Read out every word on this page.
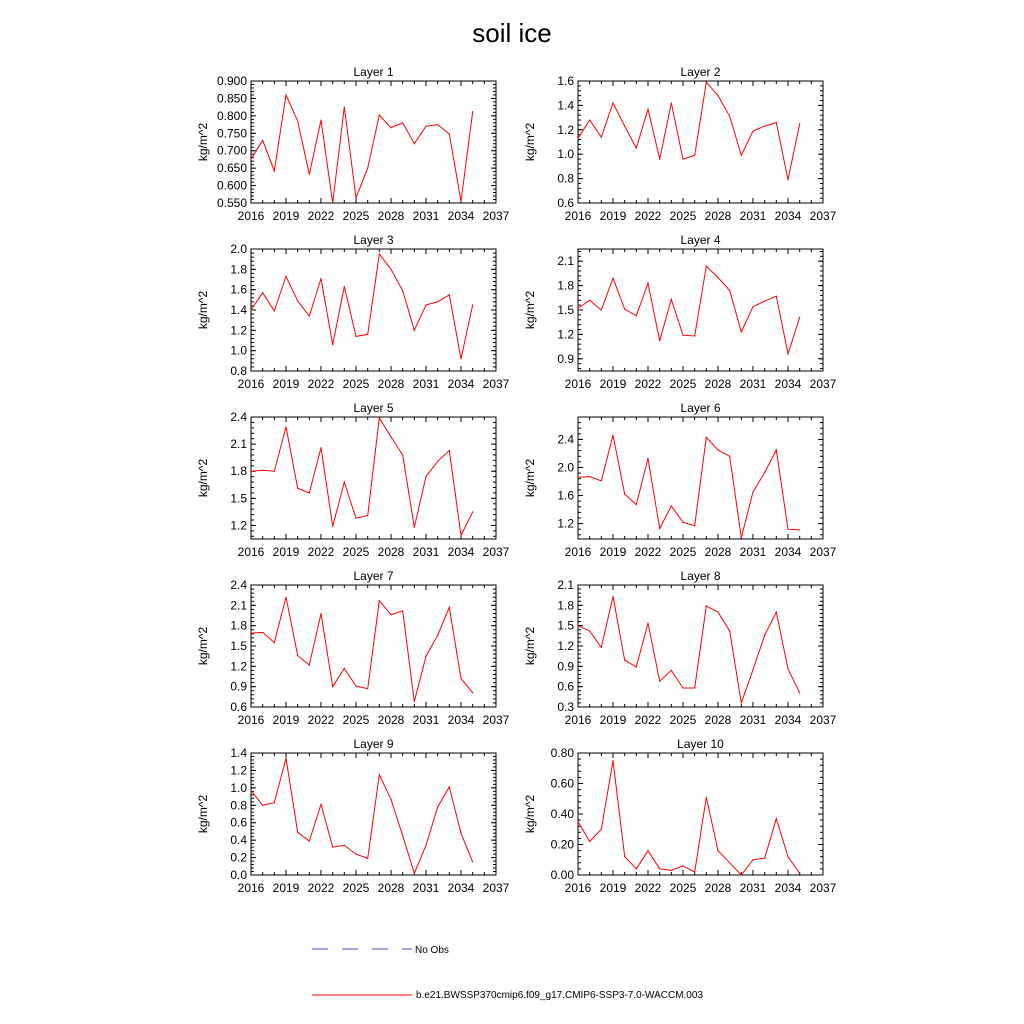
soil ice
Layer 1
kg/m^2
2016 2019 2022 2025 2028 2031 2034 2037
0.550
0.600
0.650
0.700
0.750
0.800
0.850
0.900
Layer 2
kg/m^2
2016 2019 2022 2025 2028 2031 2034 2037
0.6
0.8
1.0
1.2
1.4
1.6
Layer 3
kg/m^2
2016 2019 2022 2025 2028 2031 2034 2037
0.8
1.0
1.2
1.4
1.6
1.8
2.0
Layer 4
kg/m^2
2016 2019 2022 2025 2028 2031 2034 2037
0.9
1.2
1.5
1.8
2.1
Layer 5
kg/m^2
2016 2019 2022 2025 2028 2031 2034 2037
1.2
1.5
1.8
2.1
2.4
Layer 6
kg/m^2
2016 2019 2022 2025 2028 2031 2034 2037
1.2
1.6
2.0
2.4
Layer 7
kg/m^2
2016 2019 2022 2025 2028 2031 2034 2037
0.6
0.9
1.2
1.5
1.8
2.1
2.4
Layer 8
kg/m^2
2016 2019 2022 2025 2028 2031 2034 2037
0.3
0.6
0.9
1.2
1.5
1.8
2.1
Layer 9
kg/m^2
2016 2019 2022 2025 2028 2031 2034 2037
0.0
0.2
0.4
0.6
0.8
1.0
1.2
1.4
Layer 10
kg/m^2
2016 2019 2022 2025 2028 2031 2034 2037
0.00
0.20
0.40
0.60
0.80
No Obs
b.e21.BWSSP370cmip6.f09_g17.CMIP6-SSP3-7.0-WACCM.003
